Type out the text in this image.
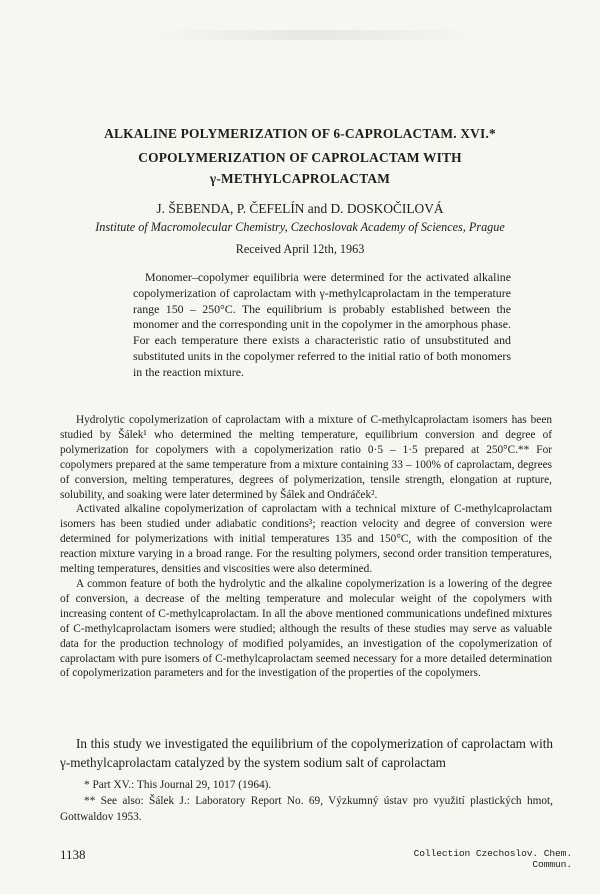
ALKALINE POLYMERIZATION OF 6-CAPROLACTAM. XVI.*
COPOLYMERIZATION OF CAPROLACTAM WITH
γ-METHYLCAPROLACTAM
J. ŠEBENDA, P. ČEFELÍN and D. DOSKOČILOVÁ
Institute of Macromolecular Chemistry, Czechoslovak Academy of Sciences, Prague
Received April 12th, 1963
Monomer–copolymer equilibria were determined for the activated alkaline copolymerization of caprolactam with γ-methylcaprolactam in the temperature range 150 – 250°C. The equilibrium is probably established between the monomer and the corresponding unit in the copolymer in the amorphous phase. For each temperature there exists a characteristic ratio of unsubstituted and substituted units in the copolymer referred to the initial ratio of both monomers in the reaction mixture.

Hydrolytic copolymerization of caprolactam with a mixture of C-methylcaprolactam isomers has been studied by Šálek¹ who determined the melting temperature, equilibrium conversion and degree of polymerization for copolymers with a copolymerization ratio 0·5 – 1·5 prepared at 250°C.** For copolymers prepared at the same temperature from a mixture containing 33 – 100% of caprolactam, degrees of conversion, melting temperatures, degrees of polymerization, tensile strength, elongation at rupture, solubility, and soaking were later determined by Šálek and Ondráček².

Activated alkaline copolymerization of caprolactam with a technical mixture of C-methylcaprolactam isomers has been studied under adiabatic conditions³; reaction velocity and degree of conversion were determined for polymerizations with initial temperatures 135 and 150°C, with the composition of the reaction mixture varying in a broad range. For the resulting polymers, second order transition temperatures, melting temperatures, densities and viscosities were also determined.

A common feature of both the hydrolytic and the alkaline copolymerization is a lowering of the degree of conversion, a decrease of the melting temperature and molecular weight of the copolymers with increasing content of C-methylcaprolactam. In all the above mentioned communications undefined mixtures of C-methylcaprolactam isomers were studied; although the results of these studies may serve as valuable data for the production technology of modified polyamides, an investigation of the copolymerization of caprolactam with pure isomers of C-methylcaprolactam seemed necessary for a more detailed determination of copolymerization parameters and for the investigation of the properties of the copolymers.

In this study we investigated the equilibrium of the copolymerization of caprolactam with γ-methylcaprolactam catalyzed by the system sodium salt of caprolactam

* Part XV.: This Journal 29, 1017 (1964).

** See also: Šálek J.: Laboratory Report No. 69, Výzkumný ústav pro využití plastických hmot, Gottwaldov 1953.

1138	Collection Czechoslov. Chem. Commun.
